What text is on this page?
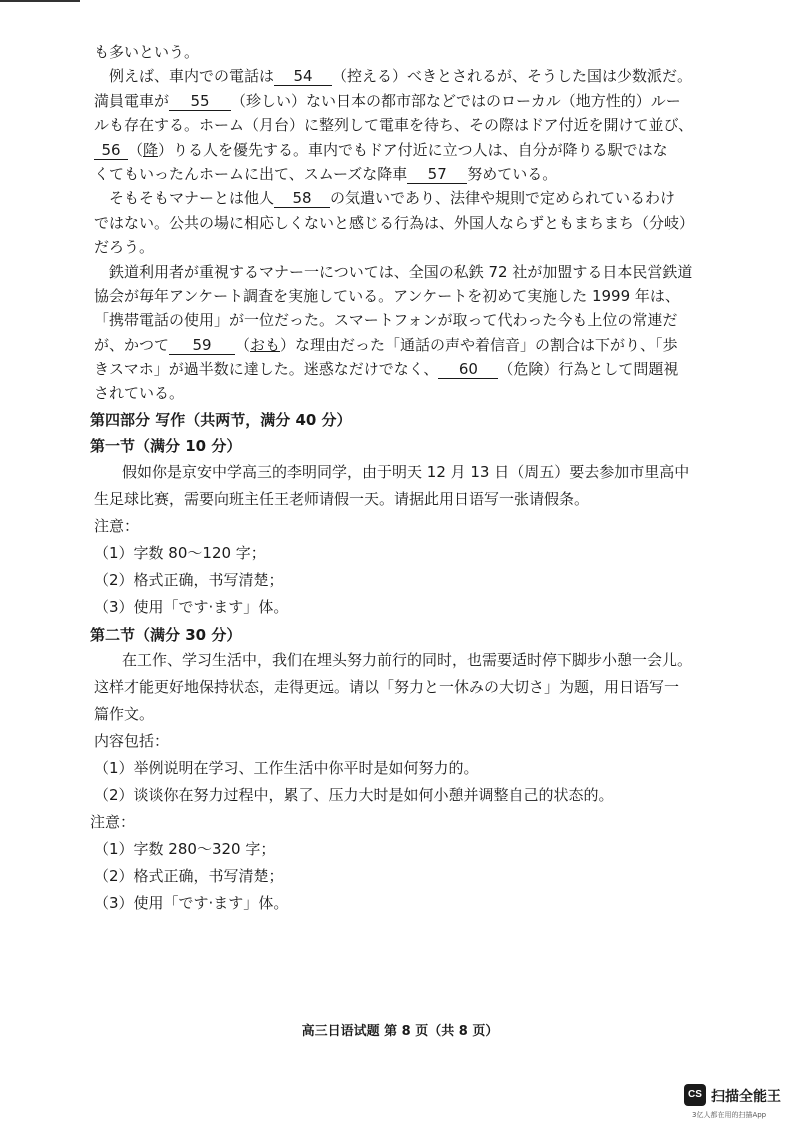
も多いという。
例えば、車内での電話は 54 （控える）べきとされるが、そうした国は少数派だ。
満員電車が 55 （珍しい）ない日本の都市部などではのローカル（地方性的）ルー
ルも存在する。ホーム（月台）に整列して電車を待ち、その際はドア付近を開けて並び、
56 （降）りる人を優先する。車内でもドア付近に立つ人は、自分が降りる駅ではな
くてもいったんホームに出て、スムーズな降車 57 努めている。
そもそもマナーとは他人 58 の気遣いであり、法律や規則で定められているわけ
ではない。公共の場に相応しくないと感じる行為は、外国人ならずともまちまち（分岐）
だろう。
鉄道利用者が重視するマナー一については、全国の私鉄 72 社が加盟する日本民営鉄道
協会が毎年アンケート調査を実施している。アンケートを初めて実施した 1999 年は、
「携帯電話の使用」が一位だった。スマートフォンが取って代わった今も上位の常連だ
が、かつて 59 （おも）な理由だった「通話の声や着信音」の割合は下がり、「歩
きスマホ」が過半数に達した。迷惑なだけでなく、 60 （危険）行為として問題視
されている。
第四部分 写作（共两节，满分 40 分）
第一节（满分 10 分）
假如你是京安中学高三的李明同学，由于明天 12 月 13 日（周五）要去参加市里高中
生足球比赛，需要向班主任王老师请假一天。请据此用日语写一张请假条。
注意：
（1）字数 80～120 字；
（2）格式正确，书写清楚；
（3）使用「です·ます」体。
第二节（满分 30 分）
在工作、学习生活中，我们在埋头努力前行的同时，也需要适时停下脚步小憩一会儿。
这样才能更好地保持状态，走得更远。请以「努力と一休みの大切さ」为题，用日语写一
篇作文。
内容包括：
（1）举例说明在学习、工作生活中你平时是如何努力的。
（2）谈谈你在努力过程中，累了、压力大时是如何小憩并调整自己的状态的。
注意：
（1）字数 280～320 字；
（2）格式正确，书写清楚；
（3）使用「です·ます」体。
高三日语试题 第 8 页（共 8 页）
CS 扫描全能王
3亿人都在用的扫描App
